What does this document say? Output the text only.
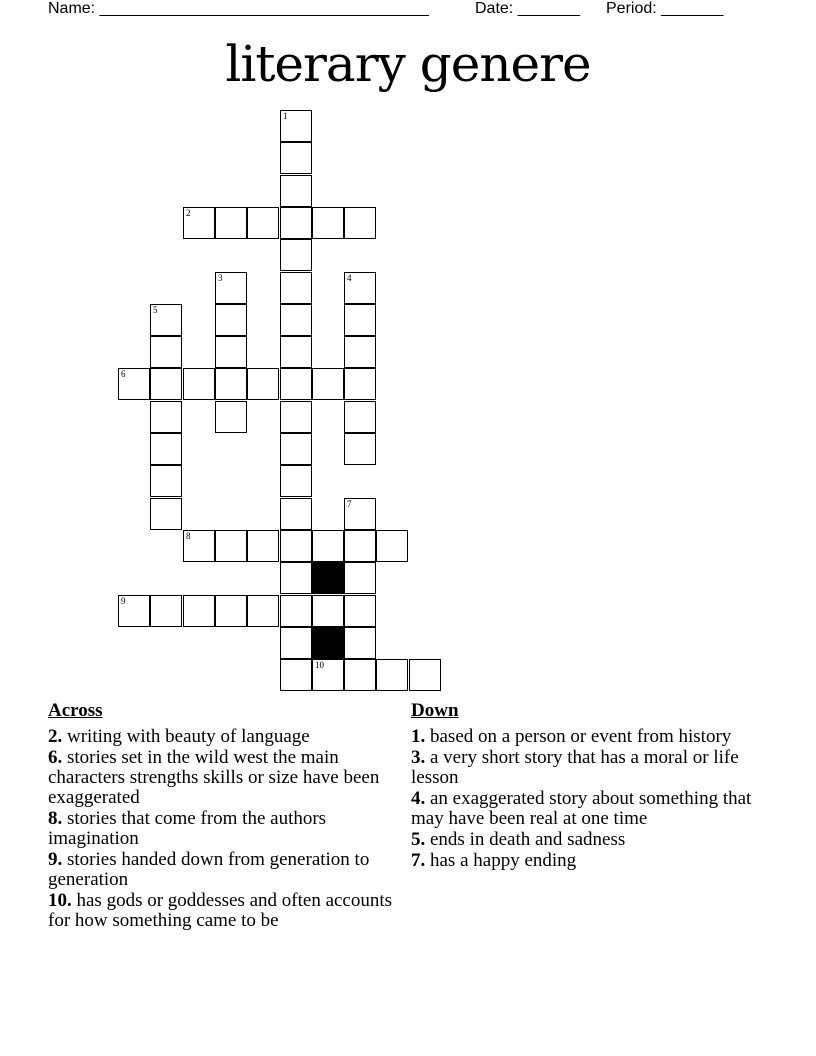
Name: _____________________________________	Date: _______ Period: _______
literary genere
1
2
3	4
5
6
7
8
9
10
Across
2. writing with beauty of language
6. stories set in the wild west the main characters strengths skills or size have been exaggerated
8. stories that come from the authors imagination
9. stories handed down from generation to generation
10. has gods or goddesses and often accounts for how something came to be
Down
1. based on a person or event from history
3. a very short story that has a moral or life lesson
4. an exaggerated story about something that may have been real at one time
5. ends in death and sadness
7. has a happy ending
